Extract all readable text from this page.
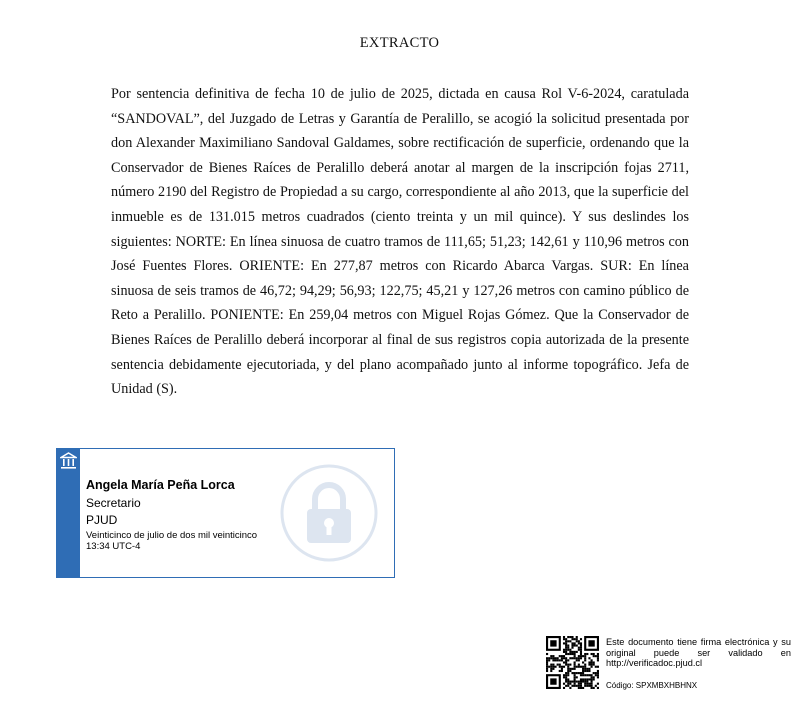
EXTRACTO

Por sentencia definitiva de fecha 10 de julio de 2025, dictada en causa Rol V-6-2024, caratulada “SANDOVAL”, del Juzgado de Letras y Garantía de Peralillo, se acogió la solicitud presentada por don Alexander Maximiliano Sandoval Galdames, sobre rectificación de superficie, ordenando que la Conservador de Bienes Raíces de Peralillo deberá anotar al margen de la inscripción fojas 2711, número 2190 del Registro de Propiedad a su cargo, correspondiente al año 2013, que la superficie del inmueble es de 131.015 metros cuadrados (ciento treinta y un mil quince). Y sus deslindes los siguientes: NORTE: En línea sinuosa de cuatro tramos de 111,65; 51,23; 142,61 y 110,96 metros con José Fuentes Flores. ORIENTE: En 277,87 metros con Ricardo Abarca Vargas. SUR: En línea sinuosa de seis tramos de 46,72; 94,29; 56,93; 122,75; 45,21 y 127,26 metros con camino público de Reto a Peralillo. PONIENTE: En 259,04 metros con Miguel Rojas Gómez. Que la Conservador de Bienes Raíces de Peralillo deberá incorporar al final de sus registros copia autorizada de la presente sentencia debidamente ejecutoriada, y del plano acompañado junto al informe topográfico. Jefa de Unidad (S).

Angela María Peña Lorca
Secretario
PJUD
Veinticinco de julio de dos mil veinticinco
13:34 UTC-4
Este documento tiene firma electrónica y su original puede ser validado en http://verificadoc.pjud.cl
Código: SPXMBXHBHNX
